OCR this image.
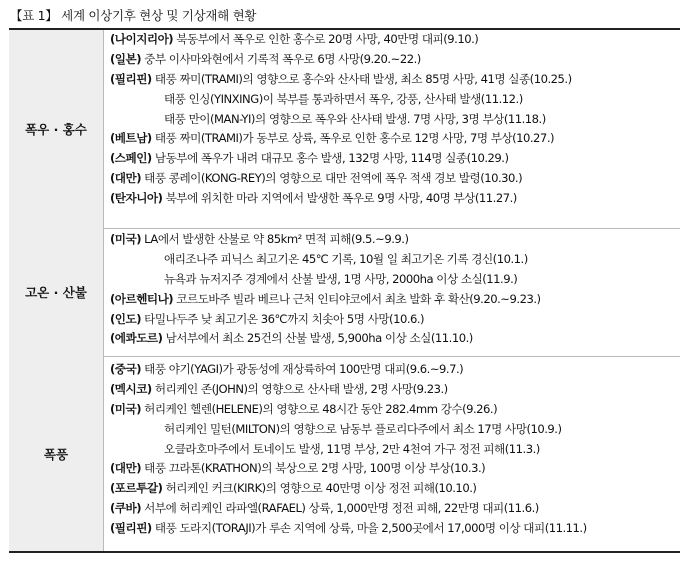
【표 1】 세계 이상기후 현상 및 기상재해 현황
폭우 · 홍수
(나이지리아) 북동부에서 폭우로 인한 홍수로 20명 사망, 40만명 대피(9.10.)
(일본) 중부 이사마와현에서 기록적 폭우로 6명 사망(9.20.~22.)
(필리핀) 태풍 짜미(TRAMI)의 영향으로 홍수와 산사태 발생, 최소 85명 사망, 41명 실종(10.25.)
태풍 인싱(YINXING)이 북부를 통과하면서 폭우, 강풍, 산사태 발생(11.12.)
태풍 만이(MAN-YI)의 영향으로 폭우와 산사태 발생. 7명 사망, 3명 부상(11.18.)
(베트남) 태풍 짜미(TRAMI)가 동부로 상륙, 폭우로 인한 홍수로 12명 사망, 7명 부상(10.27.)
(스페인) 남동부에 폭우가 내려 대규모 홍수 발생, 132명 사망, 114명 실종(10.29.)
(대만) 태풍 콩레이(KONG-REY)의 영향으로 대만 전역에 폭우 적색 경보 발령(10.30.)
(탄자니아) 북부에 위치한 마라 지역에서 발생한 폭우로 9명 사망, 40명 부상(11.27.)
고온 · 산불
(미국) LA에서 발생한 산불로 약 85km² 면적 피해(9.5.~9.9.)
애리조나주 피닉스 최고기온 45℃ 기록, 10월 일 최고기온 기록 경신(10.1.)
뉴욕과 뉴저지주 경계에서 산불 발생, 1명 사망, 2000ha 이상 소실(11.9.)
(아르헨티나) 코르도바주 빌라 베르나 근처 인티야코에서 최초 발화 후 확산(9.20.~9.23.)
(인도) 타밀나두주 낮 최고기온 36℃까지 치솟아 5명 사망(10.6.)
(에콰도르) 남서부에서 최소 25건의 산불 발생, 5,900ha 이상 소실(11.10.)
폭풍
(중국) 태풍 야기(YAGI)가 광동성에 재상륙하여 100만명 대피(9.6.~9.7.)
(멕시코) 허리케인 존(JOHN)의 영향으로 산사태 발생, 2명 사망(9.23.)
(미국) 허리케인 헬렌(HELENE)의 영향으로 48시간 동안 282.4mm 강수(9.26.)
허리케인 밀턴(MILTON)의 영향으로 남동부 플로리다주에서 최소 17명 사망(10.9.)
오클라호마주에서 토네이도 발생, 11명 부상, 2만 4천여 가구 정전 피해(11.3.)
(대만) 태풍 끄라톤(KRATHON)의 북상으로 2명 사망, 100명 이상 부상(10.3.)
(포르투갈) 허리케인 커크(KIRK)의 영향으로 40만명 이상 정전 피해(10.10.)
(쿠바) 서부에 허리케인 라파엘(RAFAEL) 상륙, 1,000만명 정전 피해, 22만명 대피(11.6.)
(필리핀) 태풍 도라지(TORAJI)가 루손 지역에 상륙, 마을 2,500곳에서 17,000명 이상 대피(11.11.)
